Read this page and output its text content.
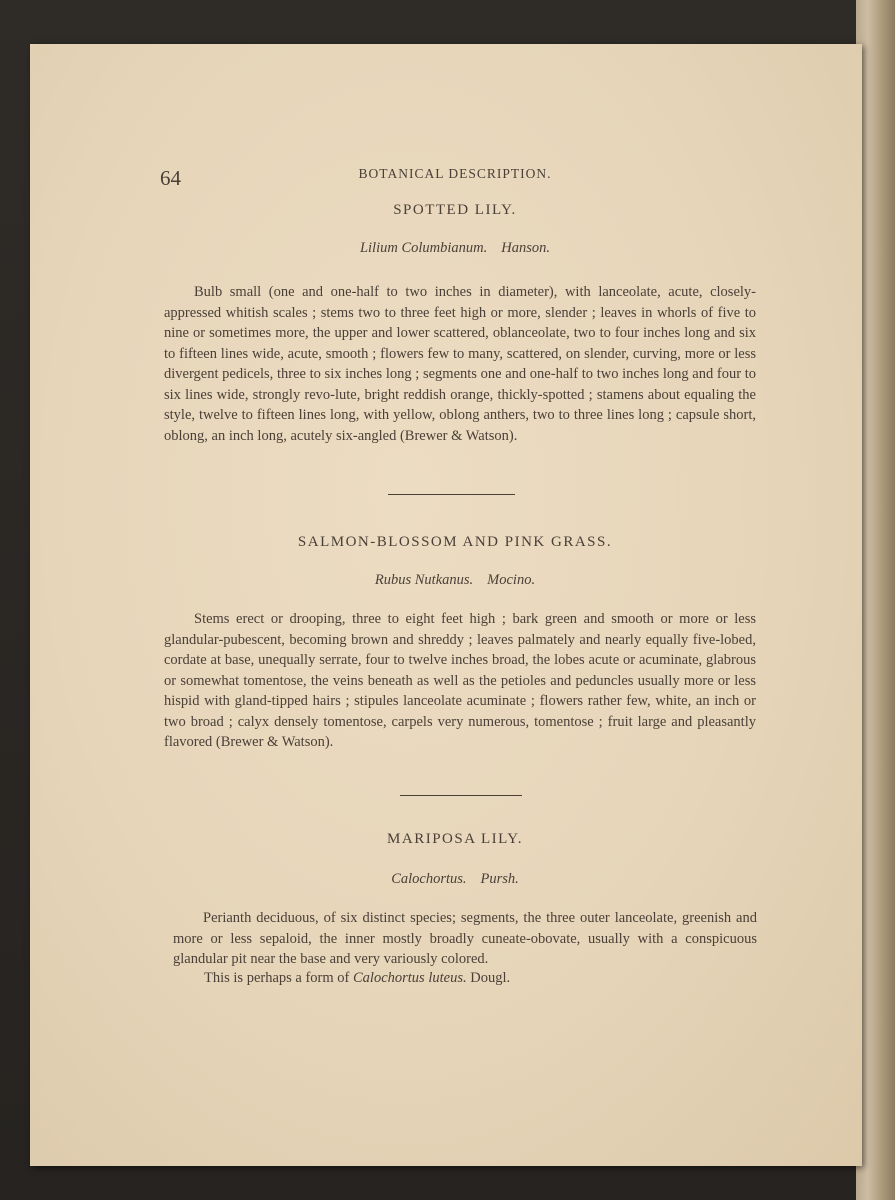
64	BOTANICAL DESCRIPTION.
SPOTTED LILY.
Lilium Columbianum. Hanson.
Bulb small (one and one-half to two inches in diameter), with lanceolate, acute, closely-appressed whitish scales ; stems two to three feet high or more, slender ; leaves in whorls of five to nine or sometimes more, the upper and lower scattered, oblanceolate, two to four inches long and six to fifteen lines wide, acute, smooth ; flowers few to many, scattered, on slender, curving, more or less divergent pedicels, three to six inches long ; segments one and one-half to two inches long and four to six lines wide, strongly revo-lute, bright reddish orange, thickly-spotted ; stamens about equaling the style, twelve to fifteen lines long, with yellow, oblong anthers, two to three lines long ; capsule short, oblong, an inch long, acutely six-angled (Brewer & Watson).
SALMON-BLOSSOM AND PINK GRASS.
Rubus Nutkanus. Mocino.
Stems erect or drooping, three to eight feet high ; bark green and smooth or more or less glandular-pubescent, becoming brown and shreddy ; leaves palmately and nearly equally five-lobed, cordate at base, unequally serrate, four to twelve inches broad, the lobes acute or acuminate, glabrous or somewhat tomentose, the veins beneath as well as the petioles and peduncles usually more or less hispid with gland-tipped hairs ; stipules lanceolate acuminate ; flowers rather few, white, an inch or two broad ; calyx densely tomentose, carpels very numerous, tomentose ; fruit large and pleasantly flavored (Brewer & Watson).
MARIPOSA LILY.
Calochortus. Pursh.
Perianth deciduous, of six distinct species; segments, the three outer lanceolate, greenish and more or less sepaloid, the inner mostly broadly cuneate-obovate, usually with a conspicuous glandular pit near the base and very variously colored.
This is perhaps a form of Calochortus luteus. Dougl.
